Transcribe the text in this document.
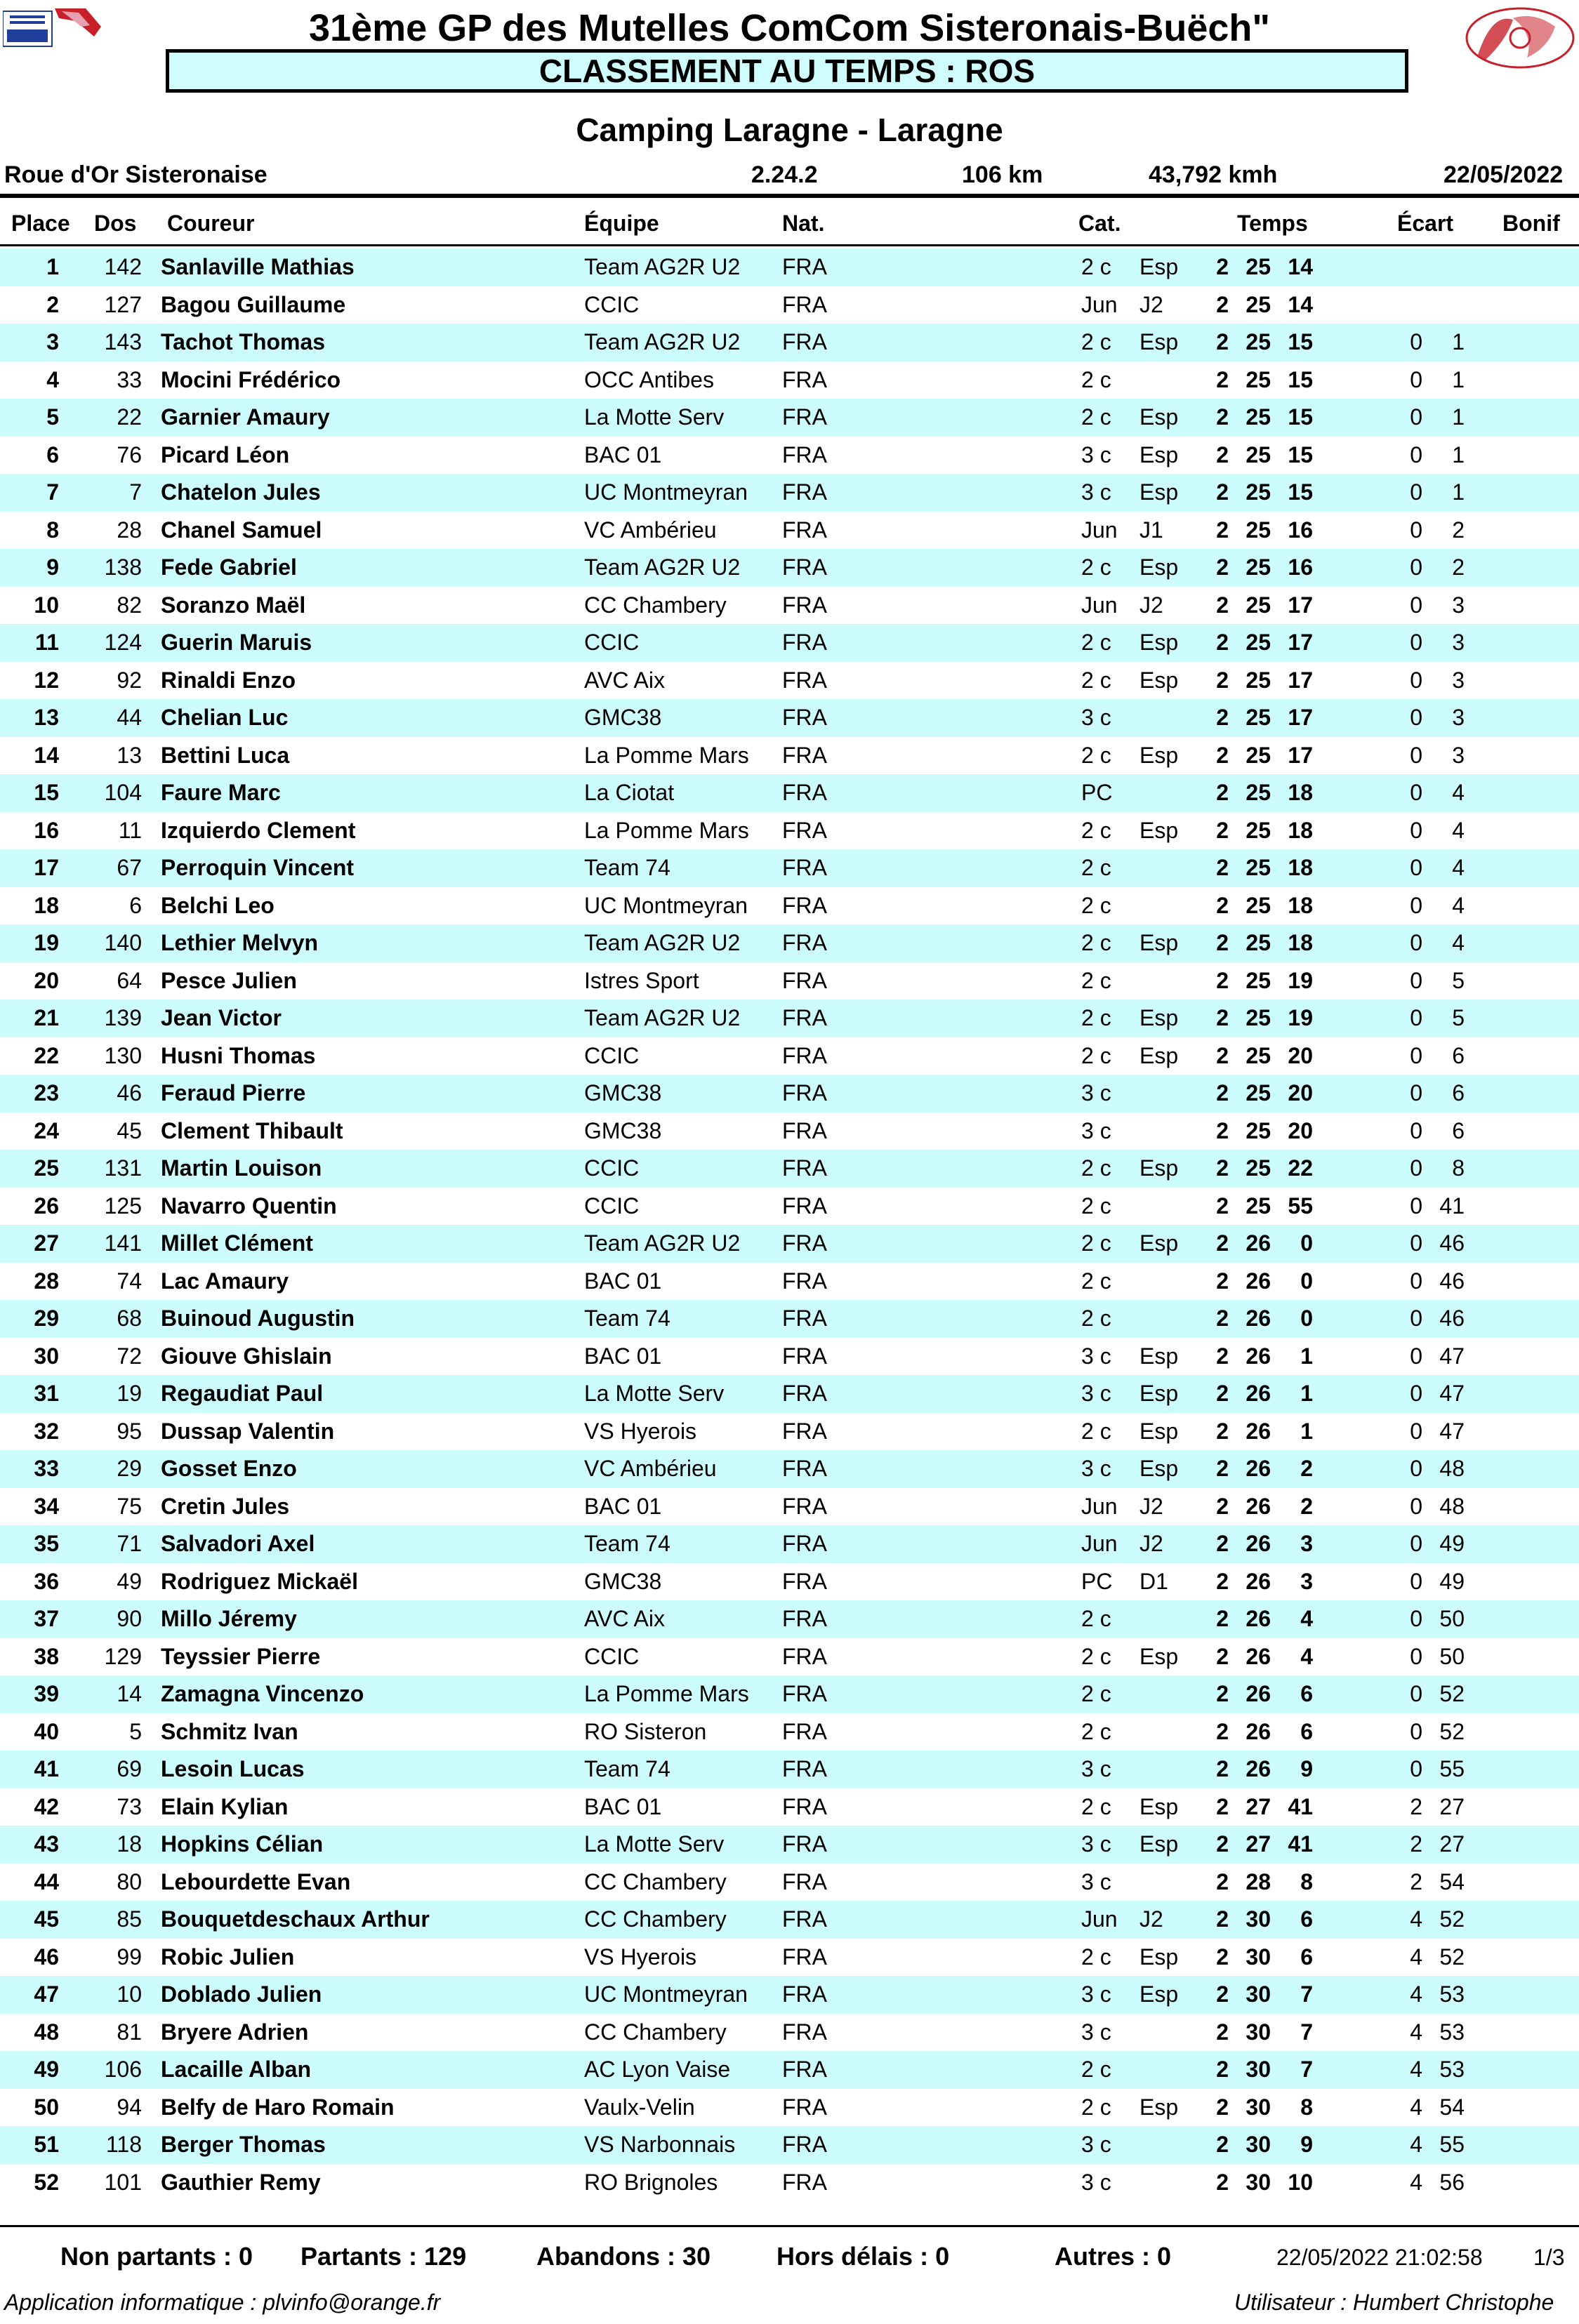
31ème GP des Mutelles ComCom Sisteronais-Buëch"
CLASSEMENT AU TEMPS : ROS
Camping Laragne - Laragne
Roue d'Or Sisteronaise	2.24.2	106 km	43,792 kmh	22/05/2022
Place Dos Coureur	Équipe	Nat.	Cat.	Temps	Écart Bonif
1	142 Sanlaville Mathias	Team AG2R U2 FRA	2 c Esp	2 25 14
2	127 Bagou Guillaume	CCIC	FRA	Jun J2	2 25 14
3	143 Tachot Thomas	Team AG2R U2 FRA	2 c Esp	2 25 15	0	1
4	33 Mocini Frédérico	OCC Antibes	FRA	2 c	2 25 15	0	1
5	22 Garnier Amaury	La Motte Serv	FRA	2 c Esp	2 25 15	0	1
6	76 Picard Léon	BAC 01	FRA	3 c Esp	2 25 15	0	1
7	7 Chatelon Jules	UC Montmeyran FRA	3 c Esp	2 25 15	0	1
8	28 Chanel Samuel	VC Ambérieu	FRA	Jun J1	2 25 16	0	2
9	138 Fede Gabriel	Team AG2R U2 FRA	2 c Esp	2 25 16	0	2
10	82 Soranzo Maël	CC Chambery FRA	Jun J2	2 25 17	0	3
11	124 Guerin Maruis	CCIC	FRA	2 c Esp	2 25 17	0	3
12	92 Rinaldi Enzo	AVC Aix	FRA	2 c Esp	2 25 17	0	3
13	44 Chelian Luc	GMC38	FRA	3 c	2 25 17	0	3
14	13 Bettini Luca	La Pomme Mars FRA	2 c Esp	2 25 17	0	3
15	104 Faure Marc	La Ciotat	FRA	PC	2 25 18	0	4
16	11 Izquierdo Clement	La Pomme Mars FRA	2 c Esp	2 25 18	0	4
17	67 Perroquin Vincent	Team 74	FRA	2 c	2 25 18	0	4
18	6 Belchi Leo	UC Montmeyran FRA	2 c	2 25 18	0	4
19	140 Lethier Melvyn	Team AG2R U2 FRA	2 c Esp	2 25 18	0	4
20	64 Pesce Julien	Istres Sport	FRA	2 c	2 25 19	0	5
21	139 Jean Victor	Team AG2R U2 FRA	2 c Esp	2 25 19	0	5
22	130 Husni Thomas	CCIC	FRA	2 c Esp	2 25 20	0	6
23	46 Feraud Pierre	GMC38	FRA	3 c	2 25 20	0	6
24	45 Clement Thibault	GMC38	FRA	3 c	2 25 20	0	6
25	131 Martin Louison	CCIC	FRA	2 c Esp	2 25 22	0	8
26	125 Navarro Quentin	CCIC	FRA	2 c	2 25 55	0 41
27	141 Millet Clément	Team AG2R U2 FRA	2 c Esp	2 26	0	0 46
28	74 Lac Amaury	BAC 01	FRA	2 c	2 26	0	0 46
29	68 Buinoud Augustin	Team 74	FRA	2 c	2 26	0	0 46
30	72 Giouve Ghislain	BAC 01	FRA	3 c Esp	2 26	1	0 47
31	19 Regaudiat Paul	La Motte Serv	FRA	3 c Esp	2 26	1	0 47
32	95 Dussap Valentin	VS Hyerois	FRA	2 c Esp	2 26	1	0 47
33	29 Gosset Enzo	VC Ambérieu	FRA	3 c Esp	2 26	2	0 48
34	75 Cretin Jules	BAC 01	FRA	Jun J2	2 26	2	0 48
35	71 Salvadori Axel	Team 74	FRA	Jun J2	2 26	3	0 49
36	49 Rodriguez Mickaël	GMC38	FRA	PC D1	2 26	3	0 49
37	90 Millo Jéremy	AVC Aix	FRA	2 c	2 26	4	0 50
38	129 Teyssier Pierre	CCIC	FRA	2 c Esp	2 26	4	0 50
39	14 Zamagna Vincenzo	La Pomme Mars FRA	2 c	2 26	6	0 52
40	5 Schmitz Ivan	RO Sisteron	FRA	2 c	2 26	6	0 52
41	69 Lesoin Lucas	Team 74	FRA	3 c	2 26	9	0 55
42	73 Elain Kylian	BAC 01	FRA	2 c Esp	2 27 41	2 27
43	18 Hopkins Célian	La Motte Serv	FRA	3 c Esp	2 27 41	2 27
44	80 Lebourdette Evan	CC Chambery FRA	3 c	2 28	8	2 54
45	85 Bouquetdeschaux Arthur	CC Chambery FRA	Jun J2	2 30	6	4 52
46	99 Robic Julien	VS Hyerois	FRA	2 c Esp	2 30	6	4 52
47	10 Doblado Julien	UC Montmeyran FRA	3 c Esp	2 30	7	4 53
48	81 Bryere Adrien	CC Chambery FRA	3 c	2 30	7	4 53
49	106 Lacaille Alban	AC Lyon Vaise FRA	2 c	2 30	7	4 53
50	94 Belfy de Haro Romain	Vaulx-Velin	FRA	2 c Esp	2 30	8	4 54
51	118 Berger Thomas	VS Narbonnais FRA	3 c	2 30	9	4 55
52	101 Gauthier Remy	RO Brignoles	FRA	3 c	2 30 10	4 56
Non partants : 0 Partants : 129	Abandons : 30	Hors délais : 0	Autres : 0	22/05/2022 21:02:58 1/3
Application informatique : plvinfo@orange.fr	Utilisateur : Humbert Christophe
